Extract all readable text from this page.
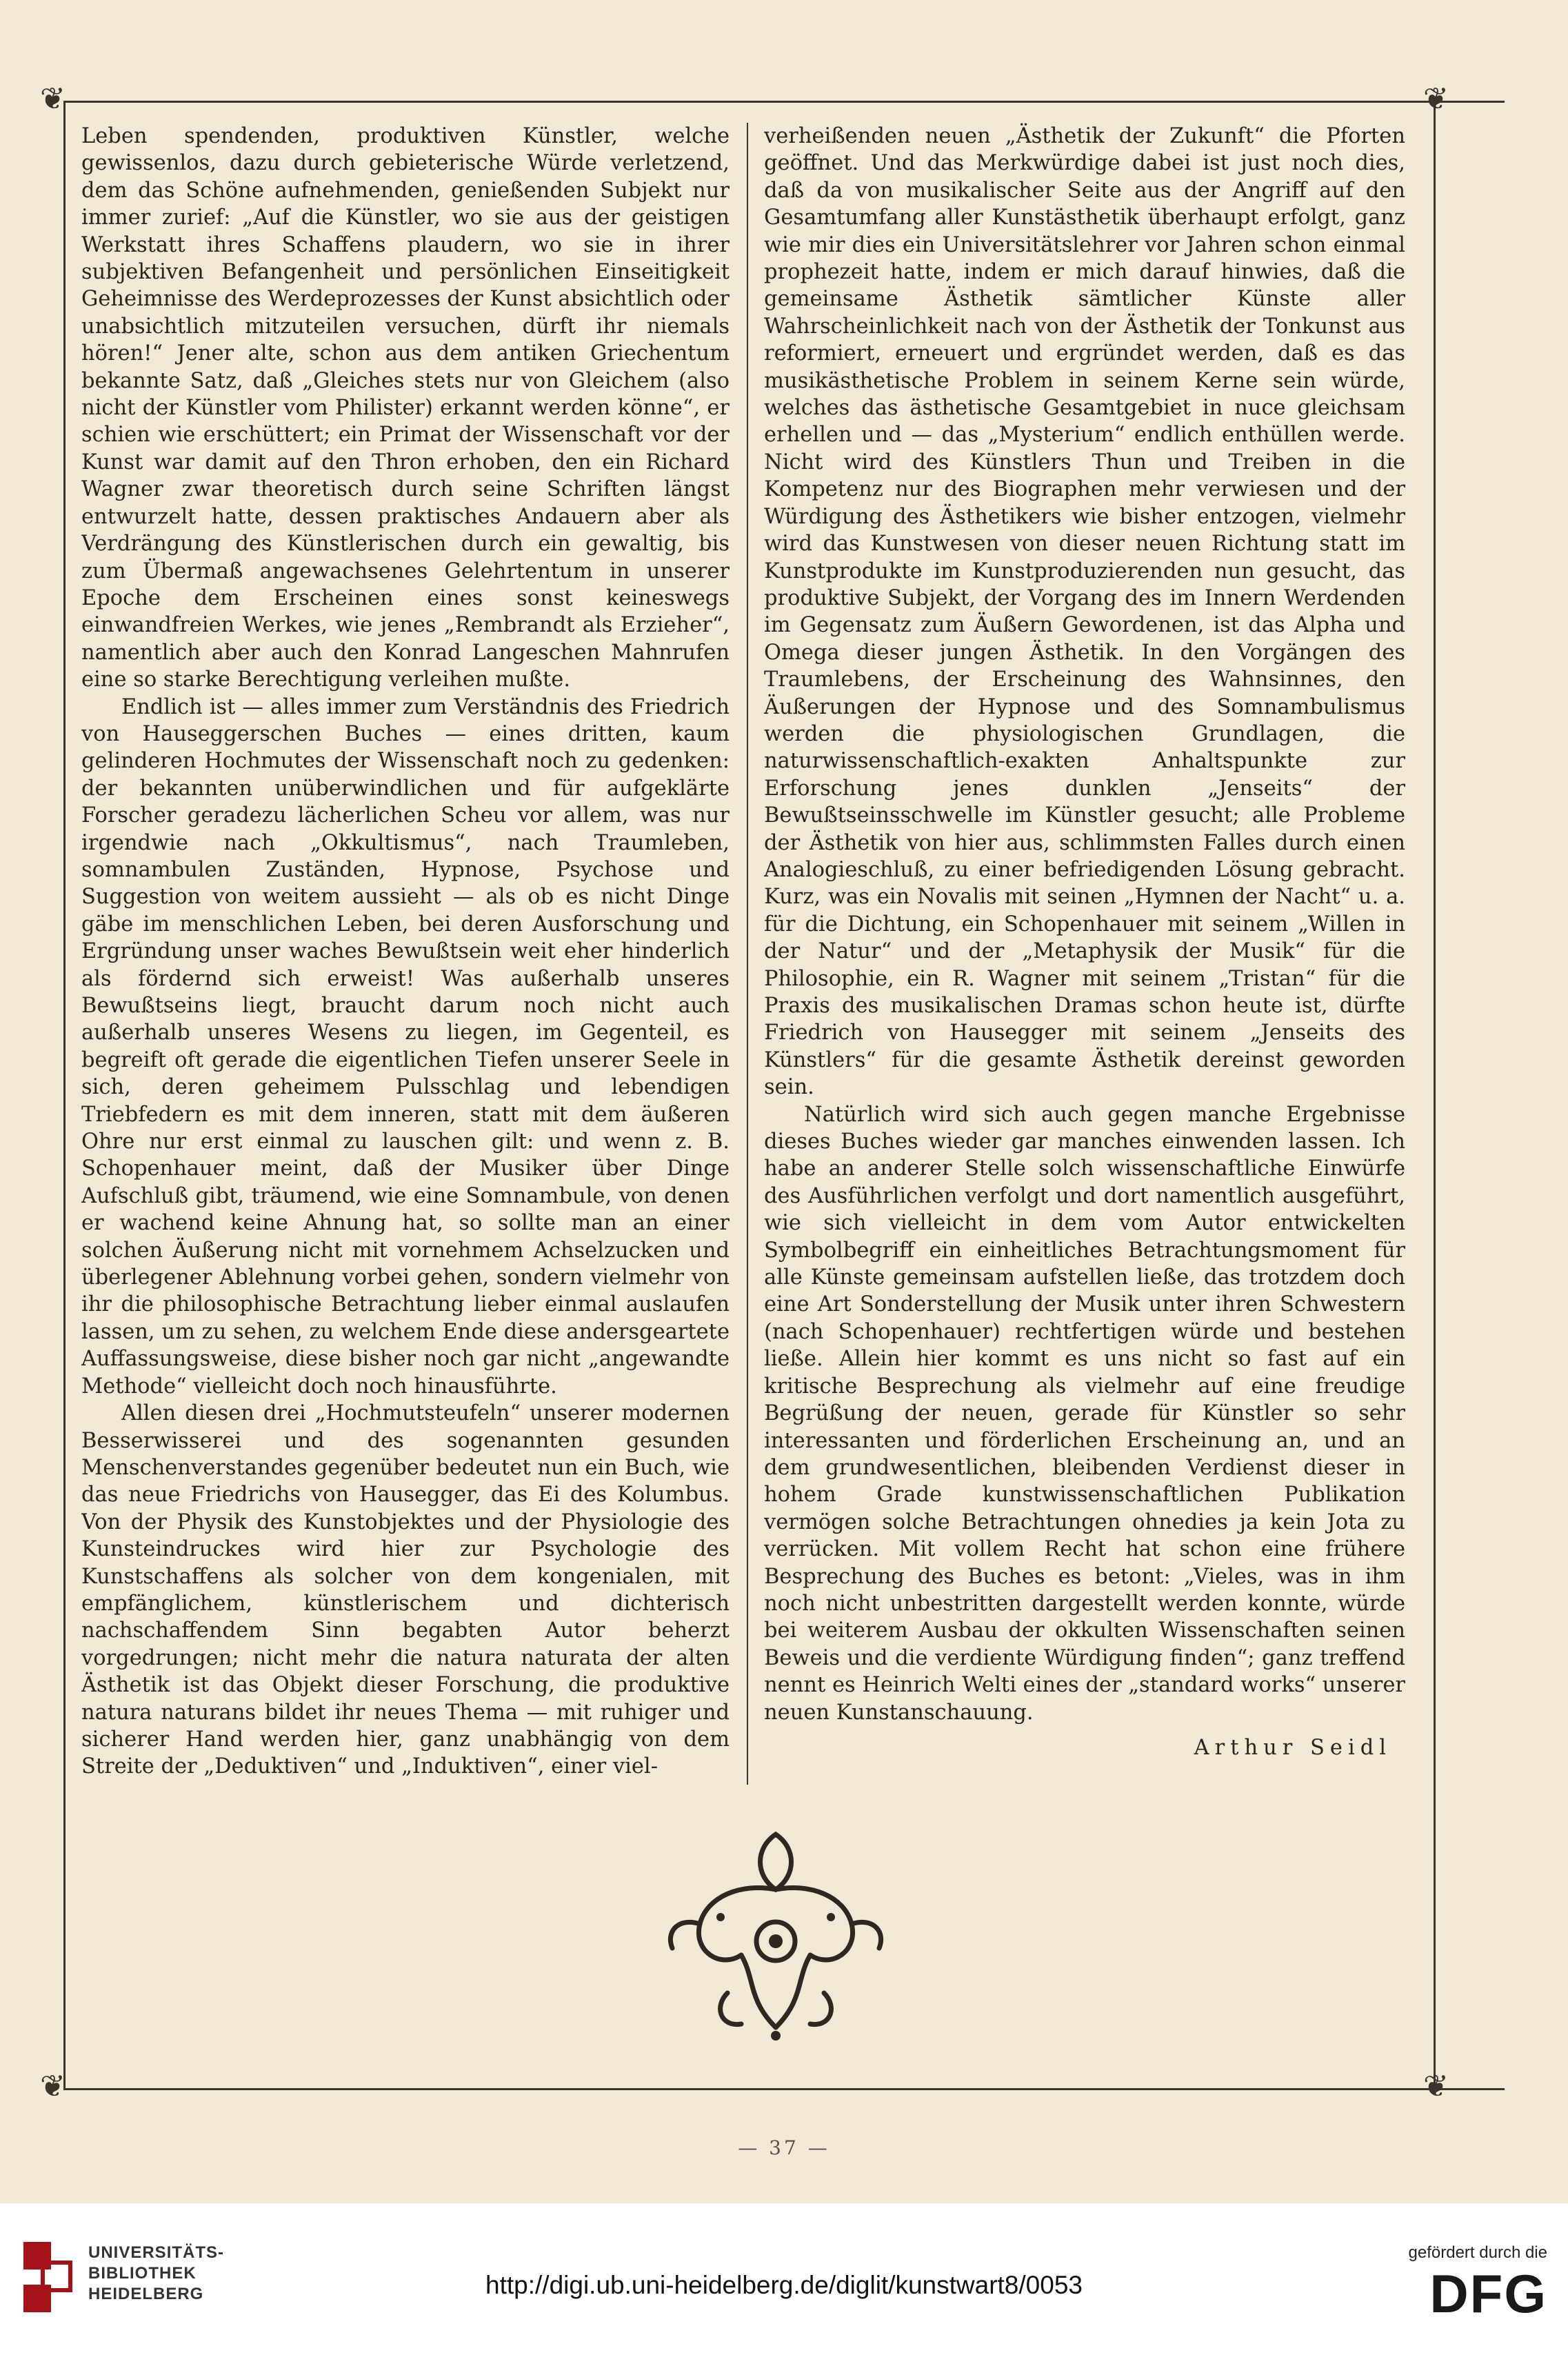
❦	❦
❦	❦

Leben spendenden, produktiven Künstler, welche gewissenlos, dazu durch gebieterische Würde verletzend, dem das Schöne aufnehmenden, genießenden Subjekt nur immer zurief: „Auf die Künstler, wo sie aus der geistigen Werkstatt ihres Schaffens plaudern, wo sie in ihrer subjektiven Befangenheit und persönlichen Einseitigkeit Geheimnisse des Werdeprozesses der Kunst absichtlich oder unabsichtlich mitzuteilen versuchen, dürft ihr niemals hören!“ Jener alte, schon aus dem antiken Griechentum bekannte Satz, daß „Gleiches stets nur von Gleichem (also nicht der Künstler vom Philister) erkannt werden könne“, er schien wie erschüttert; ein Primat der Wissenschaft vor der Kunst war damit auf den Thron erhoben, den ein Richard Wagner zwar theoretisch durch seine Schriften längst entwurzelt hatte, dessen praktisches Andauern aber als Verdrängung des Künstlerischen durch ein gewaltig, bis zum Übermaß angewachsenes Gelehrtentum in unserer Epoche dem Erscheinen eines sonst keineswegs einwandfreien Werkes, wie jenes „Rembrandt als Erzieher“, namentlich aber auch den Konrad Langeschen Mahnrufen eine so starke Berechtigung verleihen mußte.

Endlich ist — alles immer zum Verständnis des Friedrich von Hauseggerschen Buches — eines dritten, kaum gelinderen Hochmutes der Wissenschaft noch zu gedenken: der bekannten unüberwindlichen und für aufgeklärte Forscher geradezu lächerlichen Scheu vor allem, was nur irgendwie nach „Okkultismus“, nach Traumleben, somnambulen Zuständen, Hypnose, Psychose und Suggestion von weitem aussieht — als ob es nicht Dinge gäbe im menschlichen Leben, bei deren Ausforschung und Ergründung unser waches Bewußtsein weit eher hinderlich als fördernd sich erweist! Was außerhalb unseres Bewußtseins liegt, braucht darum noch nicht auch außerhalb unseres Wesens zu liegen, im Gegenteil, es begreift oft gerade die eigentlichen Tiefen unserer Seele in sich, deren geheimem Pulsschlag und lebendigen Triebfedern es mit dem inneren, statt mit dem äußeren Ohre nur erst einmal zu lauschen gilt: und wenn z. B. Schopenhauer meint, daß der Musiker über Dinge Aufschluß gibt, träumend, wie eine Somnambule, von denen er wachend keine Ahnung hat, so sollte man an einer solchen Äußerung nicht mit vornehmem Achselzucken und überlegener Ablehnung vorbei gehen, sondern vielmehr von ihr die philosophische Betrachtung lieber einmal auslaufen lassen, um zu sehen, zu welchem Ende diese andersgeartete Auffassungsweise, diese bisher noch gar nicht „angewandte Methode“ vielleicht doch noch hinausführte.

Allen diesen drei „Hochmutsteufeln“ unserer modernen Besserwisserei und des sogenannten gesunden Menschenverstandes gegenüber bedeutet nun ein Buch, wie das neue Friedrichs von Hausegger, das Ei des Kolumbus. Von der Physik des Kunstobjektes und der Physiologie des Kunsteindruckes wird hier zur Psychologie des Kunstschaffens als solcher von dem kongenialen, mit empfänglichem, künstlerischem und dichterisch nachschaffendem Sinn begabten Autor beherzt vorgedrungen; nicht mehr die natura naturata der alten Ästhetik ist das Objekt dieser Forschung, die produktive natura naturans bildet ihr neues Thema — mit ruhiger und sicherer Hand werden hier, ganz unabhängig von dem Streite der „Deduktiven“ und „Induktiven“, einer viel-

verheißenden neuen „Ästhetik der Zukunft“ die Pforten geöffnet. Und das Merkwürdige dabei ist just noch dies, daß da von musikalischer Seite aus der Angriff auf den Gesamtumfang aller Kunstästhetik überhaupt erfolgt, ganz wie mir dies ein Universitätslehrer vor Jahren schon einmal prophezeit hatte, indem er mich darauf hinwies, daß die gemeinsame Ästhetik sämtlicher Künste aller Wahrscheinlichkeit nach von der Ästhetik der Tonkunst aus reformiert, erneuert und ergründet werden, daß es das musikästhetische Problem in seinem Kerne sein würde, welches das ästhetische Gesamtgebiet in nuce gleichsam erhellen und — das „Mysterium“ endlich enthüllen werde. Nicht wird des Künstlers Thun und Treiben in die Kompetenz nur des Biographen mehr verwiesen und der Würdigung des Ästhetikers wie bisher entzogen, vielmehr wird das Kunstwesen von dieser neuen Richtung statt im Kunstprodukte im Kunstproduzierenden nun gesucht, das produktive Subjekt, der Vorgang des im Innern Werdenden im Gegensatz zum Äußern Gewordenen, ist das Alpha und Omega dieser jungen Ästhetik. In den Vorgängen des Traumlebens, der Erscheinung des Wahnsinnes, den Äußerungen der Hypnose und des Somnambulismus werden die physiologischen Grundlagen, die naturwissenschaftlich-exakten Anhaltspunkte zur Erforschung jenes dunklen „Jenseits“ der Bewußtseinsschwelle im Künstler gesucht; alle Probleme der Ästhetik von hier aus, schlimmsten Falles durch einen Analogieschluß, zu einer befriedigenden Lösung gebracht. Kurz, was ein Novalis mit seinen „Hymnen der Nacht“ u. a. für die Dichtung, ein Schopenhauer mit seinem „Willen in der Natur“ und der „Metaphysik der Musik“ für die Philosophie, ein R. Wagner mit seinem „Tristan“ für die Praxis des musikalischen Dramas schon heute ist, dürfte Friedrich von Hausegger mit seinem „Jenseits des Künstlers“ für die gesamte Ästhetik dereinst geworden sein.

Natürlich wird sich auch gegen manche Ergebnisse dieses Buches wieder gar manches einwenden lassen. Ich habe an anderer Stelle solch wissenschaftliche Einwürfe des Ausführlichen verfolgt und dort namentlich ausgeführt, wie sich vielleicht in dem vom Autor entwickelten Symbolbegriff ein einheitliches Betrachtungsmoment für alle Künste gemeinsam aufstellen ließe, das trotzdem doch eine Art Sonderstellung der Musik unter ihren Schwestern (nach Schopenhauer) rechtfertigen würde und bestehen ließe. Allein hier kommt es uns nicht so fast auf ein kritische Besprechung als vielmehr auf eine freudige Begrüßung der neuen, gerade für Künstler so sehr interessanten und förderlichen Erscheinung an, und an dem grundwesentlichen, bleibenden Verdienst dieser in hohem Grade kunstwissenschaftlichen Publikation vermögen solche Betrachtungen ohnedies ja kein Jota zu verrücken. Mit vollem Recht hat schon eine frühere Besprechung des Buches es betont: „Vieles, was in ihm noch nicht unbestritten dargestellt werden konnte, würde bei weiterem Ausbau der okkulten Wissenschaften seinen Beweis und die verdiente Würdigung finden“; ganz treffend nennt es Heinrich Welti eines der „standard works“ unserer neuen Kunstanschauung.

Arthur Seidl

— 37 —
UNIVERSITÄTS-
BIBLIOTHEK
HEIDELBERG	http://digi.ub.uni-heidelberg.de/diglit/kunstwart8/0053
gefördert durch die
DFG
